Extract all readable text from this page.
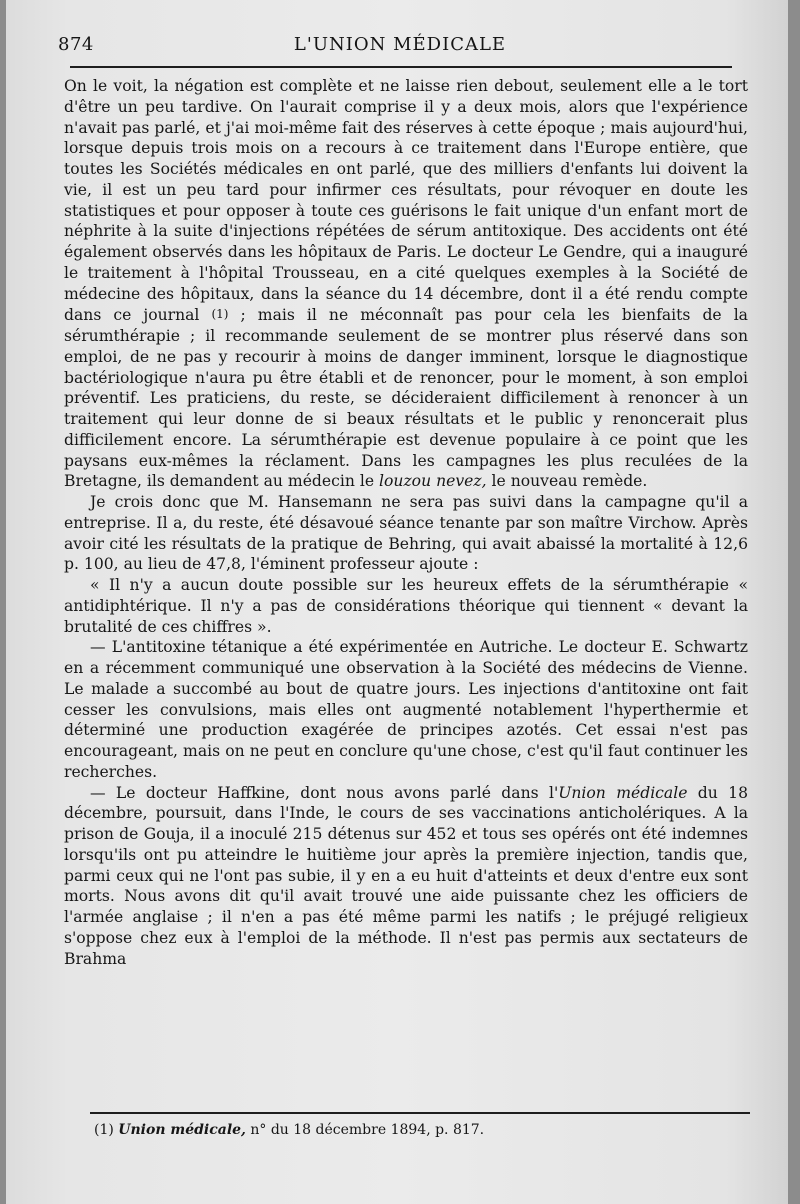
874	L'UNION MÉDICALE

On le voit, la négation est complète et ne laisse rien debout, seulement elle a le tort d'être un peu tardive. On l'aurait comprise il y a deux mois, alors que l'expérience n'avait pas parlé, et j'ai moi-même fait des réserves à cette époque ; mais aujourd'hui, lorsque depuis trois mois on a recours à ce traitement dans l'Europe entière, que toutes les Sociétés médicales en ont parlé, que des milliers d'enfants lui doivent la vie, il est un peu tard pour infirmer ces résultats, pour révoquer en doute les statistiques et pour opposer à toute ces guérisons le fait unique d'un enfant mort de néphrite à la suite d'injections répétées de sérum antitoxique. Des accidents ont été également observés dans les hôpitaux de Paris. Le docteur Le Gendre, qui a inauguré le traitement à l'hôpital Trousseau, en a cité quelques exemples à la Société de médecine des hôpitaux, dans la séance du 14 décembre, dont il a été rendu compte dans ce journal (1) ; mais il ne méconnaît pas pour cela les bienfaits de la sérumthérapie ; il recommande seulement de se montrer plus réservé dans son emploi, de ne pas y recourir à moins de danger imminent, lorsque le diagnostique bactériologique n'aura pu être établi et de renoncer, pour le moment, à son emploi préventif. Les praticiens, du reste, se décideraient difficilement à renoncer à un traitement qui leur donne de si beaux résultats et le public y renoncerait plus difficilement encore. La sérumthérapie est devenue populaire à ce point que les paysans eux-mêmes la réclament. Dans les campagnes les plus reculées de la Bretagne, ils demandent au médecin le louzou nevez, le nouveau remède.

Je crois donc que M. Hansemann ne sera pas suivi dans la campagne qu'il a entreprise. Il a, du reste, été désavoué séance tenante par son maître Virchow. Après avoir cité les résultats de la pratique de Behring, qui avait abaissé la mortalité à 12,6 p. 100, au lieu de 47,8, l'éminent professeur ajoute :

« Il n'y a aucun doute possible sur les heureux effets de la sérumthérapie « antidiphtérique. Il n'y a pas de considérations théorique qui tiennent « devant la brutalité de ces chiffres ».

— L'antitoxine tétanique a été expérimentée en Autriche. Le docteur E. Schwartz en a récemment communiqué une observation à la Société des médecins de Vienne. Le malade a succombé au bout de quatre jours. Les injections d'antitoxine ont fait cesser les convulsions, mais elles ont augmenté notablement l'hyperthermie et déterminé une production exagérée de principes azotés. Cet essai n'est pas encourageant, mais on ne peut en conclure qu'une chose, c'est qu'il faut continuer les recherches.

— Le docteur Haffkine, dont nous avons parlé dans l'Union médicale du 18 décembre, poursuit, dans l'Inde, le cours de ses vaccinations anticholériques. A la prison de Gouja, il a inoculé 215 détenus sur 452 et tous ses opérés ont été indemnes lorsqu'ils ont pu atteindre le huitième jour après la première injection, tandis que, parmi ceux qui ne l'ont pas subie, il y en a eu huit d'atteints et deux d'entre eux sont morts. Nous avons dit qu'il avait trouvé une aide puissante chez les officiers de l'armée anglaise ; il n'en a pas été même parmi les natifs ; le préjugé religieux s'oppose chez eux à l'emploi de la méthode. Il n'est pas permis aux sectateurs de Brahma

(1) Union médicale, n° du 18 décembre 1894, p. 817.
